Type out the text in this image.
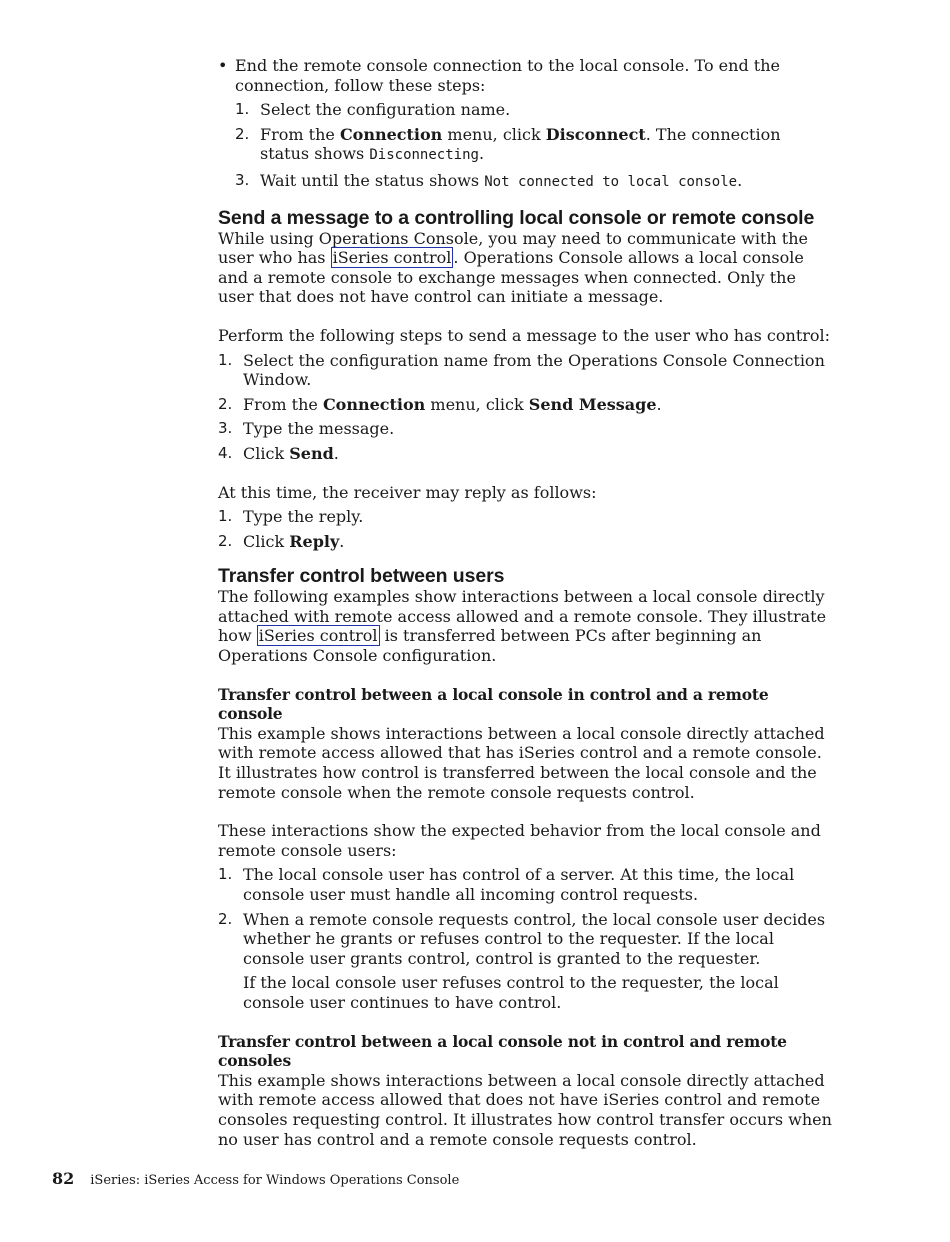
• End the remote console connection to the local console. To end the connection, follow these steps:

1. Select the configuration name.
2. From the Connection menu, click Disconnect. The connection status shows Disconnecting.
3. Wait until the status shows Not connected to local console.
Send a message to a controlling local console or remote console

While using Operations Console, you may need to communicate with the user who has iSeries control . Operations Console allows a local console and a remote console to exchange messages when connected. Only the user that does not have control can initiate a message.

Perform the following steps to send a message to the user who has control:

1. Select the configuration name from the Operations Console Connection Window.
2. From the Connection menu, click Send Message.
3. Type the message.
4. Click Send.

At this time, the receiver may reply as follows:

1. Type the reply.
2. Click Reply.
Transfer control between users

The following examples show interactions between a local console directly attached with remote access allowed and a remote console. They illustrate how iSeries control is transferred between PCs after beginning an Operations Console configuration.

Transfer control between a local console in control and a remote console

This example shows interactions between a local console directly attached with remote access allowed that has iSeries control and a remote console. It illustrates how control is transferred between the local console and the remote console when the remote console requests control.

These interactions show the expected behavior from the local console and remote console users:

1. The local console user has control of a server. At this time, the local console user must handle all incoming control requests.
2. When a remote console requests control, the local console user decides whether he grants or refuses control to the requester. If the local console user grants control, control is granted to the requester.

If the local console user refuses control to the requester, the local console user continues to have control.

Transfer control between a local console not in control and remote consoles

This example shows interactions between a local console directly attached with remote access allowed that does not have iSeries control and remote consoles requesting control. It illustrates how control transfer occurs when no user has control and a remote console requests control.

82 iSeries: iSeries Access for Windows Operations Console
